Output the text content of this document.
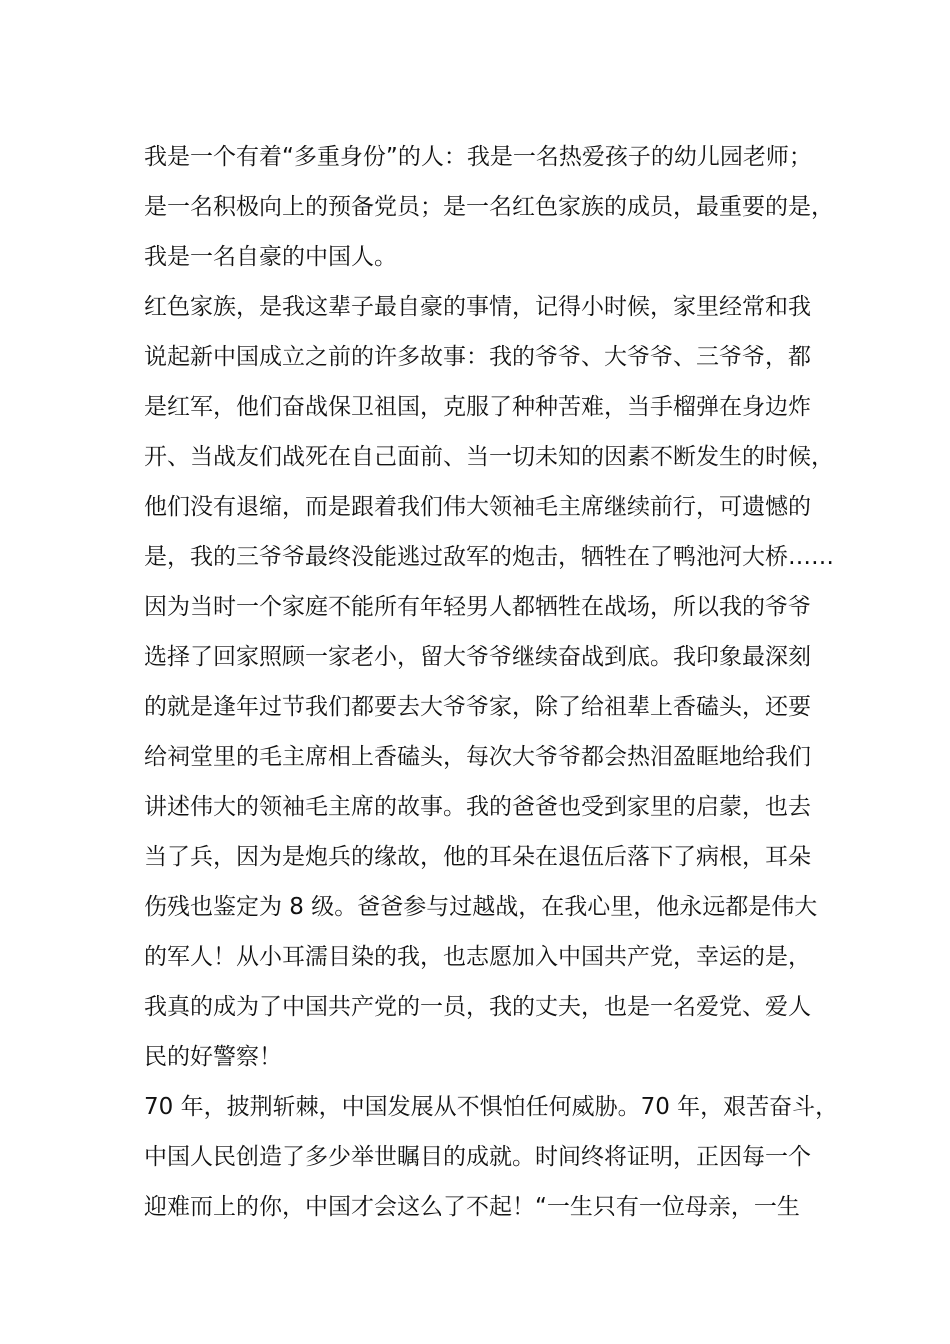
我是一个有着“多重身份”的人：我是一名热爱孩子的幼儿园老师；
是一名积极向上的预备党员；是一名红色家族的成员，最重要的是，
我是一名自豪的中国人。
红色家族，是我这辈子最自豪的事情，记得小时候，家里经常和我
说起新中国成立之前的许多故事：我的爷爷、大爷爷、三爷爷，都
是红军，他们奋战保卫祖国，克服了种种苦难，当手榴弹在身边炸
开、当战友们战死在自己面前、当一切未知的因素不断发生的时候，
他们没有退缩，而是跟着我们伟大领袖毛主席继续前行，可遗憾的
是，我的三爷爷最终没能逃过敌军的炮击，牺牲在了鸭池河大桥……
因为当时一个家庭不能所有年轻男人都牺牲在战场，所以我的爷爷
选择了回家照顾一家老小，留大爷爷继续奋战到底。我印象最深刻
的就是逢年过节我们都要去大爷爷家，除了给祖辈上香磕头，还要
给祠堂里的毛主席相上香磕头，每次大爷爷都会热泪盈眶地给我们
讲述伟大的领袖毛主席的故事。我的爸爸也受到家里的启蒙，也去
当了兵，因为是炮兵的缘故，他的耳朵在退伍后落下了病根，耳朵
伤残也鉴定为 8 级。爸爸参与过越战，在我心里，他永远都是伟大
的军人！从小耳濡目染的我，也志愿加入中国共产党，幸运的是，
我真的成为了中国共产党的一员，我的丈夫，也是一名爱党、爱人
民的好警察！
70 年，披荆斩棘，中国发展从不惧怕任何威胁。70 年，艰苦奋斗，
中国人民创造了多少举世瞩目的成就。时间终将证明，正因每一个
迎难而上的你，中国才会这么了不起！“一生只有一位母亲，一生
